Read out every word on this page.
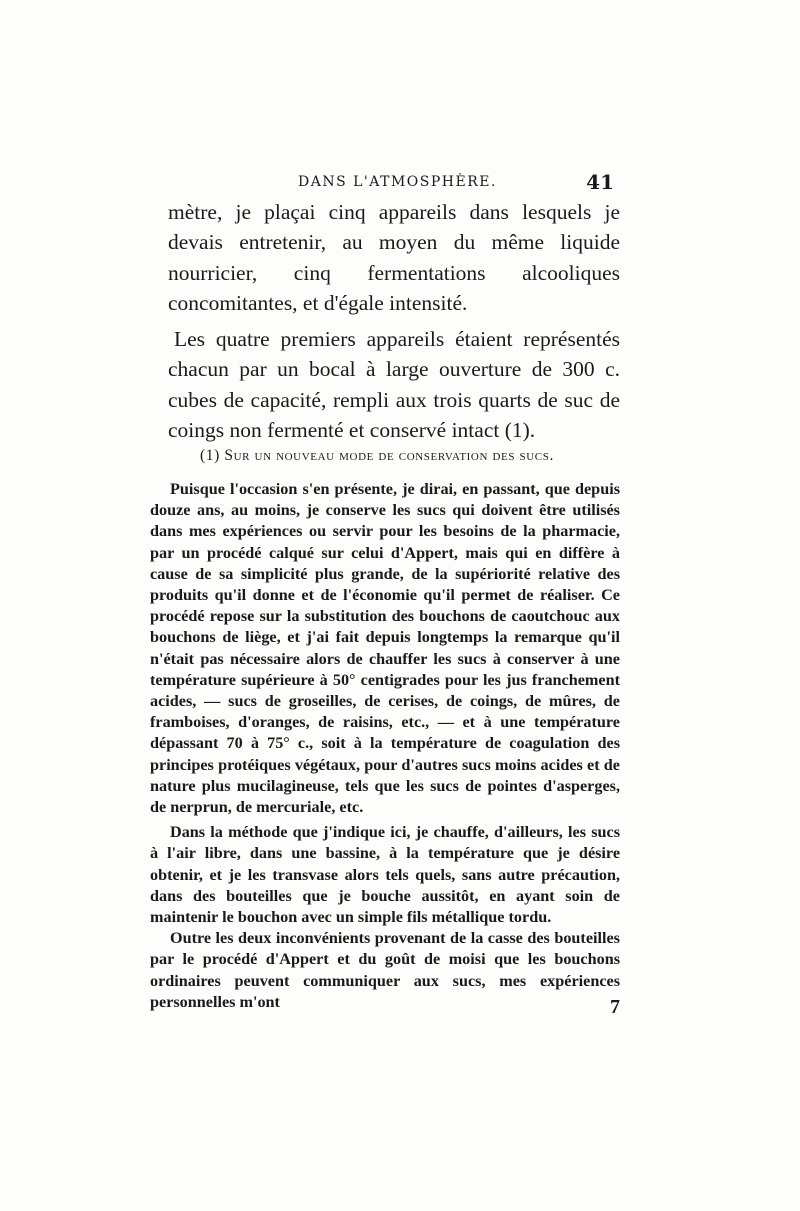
DANS L'ATMOSPHÈRE.	41

mètre, je plaçai cinq appareils dans lesquels je devais entretenir, au moyen du même liquide nourricier, cinq fermentations alcooliques concomitantes, et d'égale intensité.

Les quatre premiers appareils étaient représentés chacun par un bocal à large ouverture de 300 c. cubes de capacité, rempli aux trois quarts de suc de coings non fermenté et conservé intact (1).

(1) Sur un nouveau mode de conservation des sucs.

Puisque l'occasion s'en présente, je dirai, en passant, que depuis douze ans, au moins, je conserve les sucs qui doivent être utilisés dans mes expériences ou servir pour les besoins de la pharmacie, par un procédé calqué sur celui d'Appert, mais qui en diffère à cause de sa simplicité plus grande, de la supériorité relative des produits qu'il donne et de l'économie qu'il permet de réaliser. Ce procédé repose sur la substitution des bouchons de caoutchouc aux bouchons de liège, et j'ai fait depuis longtemps la remarque qu'il n'était pas nécessaire alors de chauffer les sucs à conserver à une température supérieure à 50° centigrades pour les jus franchement acides, — sucs de groseilles, de cerises, de coings, de mûres, de framboises, d'oranges, de raisins, etc., — et à une température dépassant 70 à 75° c., soit à la température de coagulation des principes protéiques végétaux, pour d'autres sucs moins acides et de nature plus mucilagineuse, tels que les sucs de pointes d'asperges, de nerprun, de mercuriale, etc.

Dans la méthode que j'indique ici, je chauffe, d'ailleurs, les sucs à l'air libre, dans une bassine, à la température que je désire obtenir, et je les transvase alors tels quels, sans autre précaution, dans des bouteilles que je bouche aussitôt, en ayant soin de maintenir le bouchon avec un simple fils métallique tordu.

Outre les deux inconvénients provenant de la casse des bouteilles par le procédé d'Appert et du goût de moisi que les bouchons ordinaires peuvent communiquer aux sucs, mes expériences personnelles m'ont	7
